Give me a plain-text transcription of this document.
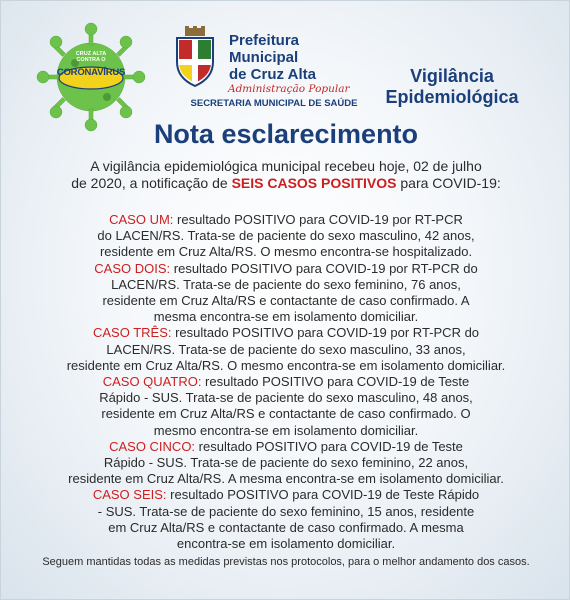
CRUZ ALTA CONTRA O
CORONAVÍRUS
Prefeitura
Municipal
de Cruz Alta
Administração Popular
SECRETARIA MUNICIPAL DE SAÚDE
Vigilância
Epidemiológica
Nota esclarecimento
A vigilância epidemiológica municipal recebeu hoje, 02 de julho
de 2020, a notificação de SEIS CASOS POSITIVOS para COVID-19:
CASO UM: resultado POSITIVO para COVID-19 por RT-PCR
do LACEN/RS. Trata-se de paciente do sexo masculino, 42 anos,
residente em Cruz Alta/RS. O mesmo encontra-se hospitalizado.
CASO DOIS: resultado POSITIVO para COVID-19 por RT-PCR do
LACEN/RS. Trata-se de paciente do sexo feminino, 76 anos,
residente em Cruz Alta/RS e contactante de caso confirmado. A
mesma encontra-se em isolamento domiciliar.
CASO TRÊS: resultado POSITIVO para COVID-19 por RT-PCR do
LACEN/RS. Trata-se de paciente do sexo masculino, 33 anos,
residente em Cruz Alta/RS. O mesmo encontra-se em isolamento domiciliar.
CASO QUATRO: resultado POSITIVO para COVID-19 de Teste
Rápido - SUS. Trata-se de paciente do sexo masculino, 48 anos,
residente em Cruz Alta/RS e contactante de caso confirmado. O
mesmo encontra-se em isolamento domiciliar.
CASO CINCO: resultado POSITIVO para COVID-19 de Teste
Rápido - SUS. Trata-se de paciente do sexo feminino, 22 anos,
residente em Cruz Alta/RS. A mesma encontra-se em isolamento domiciliar.
CASO SEIS: resultado POSITIVO para COVID-19 de Teste Rápido
- SUS. Trata-se de paciente do sexo feminino, 15 anos, residente
em Cruz Alta/RS e contactante de caso confirmado. A mesma
encontra-se em isolamento domiciliar.
Seguem mantidas todas as medidas previstas nos protocolos, para o melhor andamento dos casos.
